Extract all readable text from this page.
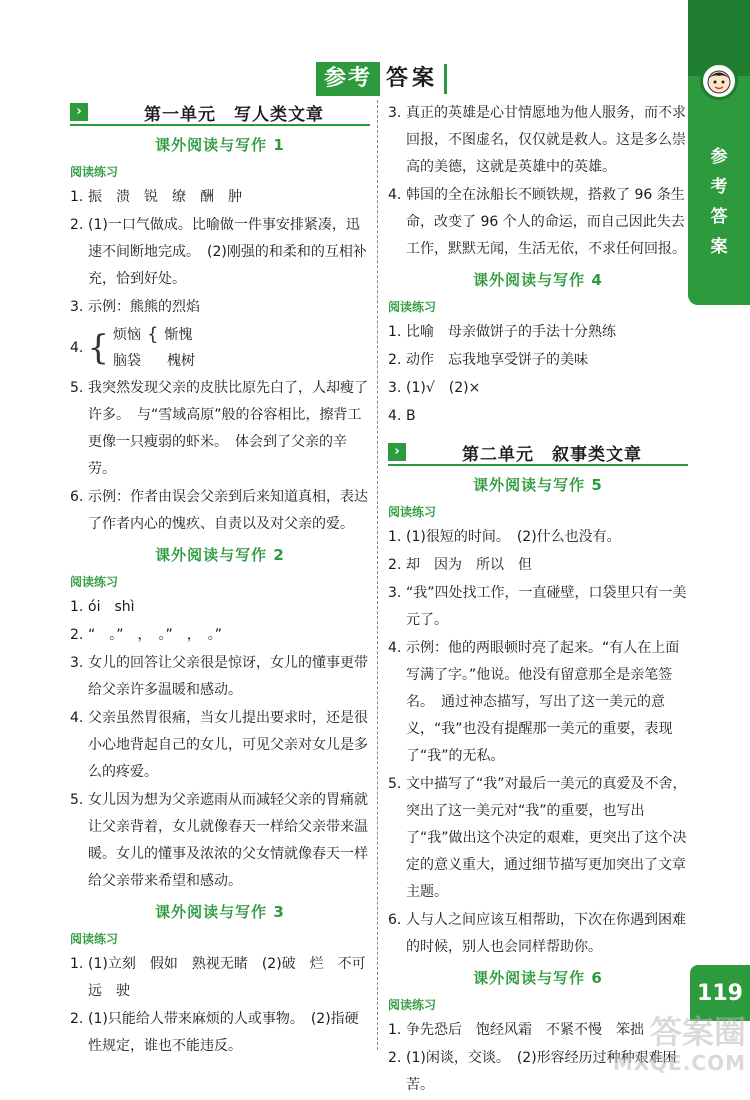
参考 答案
参考答案
›	第一单元　写人类文章
课外阅读与写作 1
阅读练习
1. 振　溃　锐　缭　酬　肿
2. (1)一口气做成。比喻做一件事安排紧凑，迅速不间断地完成。　(2)刚强的和柔和的互相补充，恰到好处。
3. 示例：熊熊的烈焰
4. { 烦恼 { 惭愧
脑袋 槐树
5. 我突然发现父亲的皮肤比原先白了，人却瘦了许多。　与“雪域高原”般的谷容相比，擦背工更像一只瘦弱的虾米。　体会到了父亲的辛劳。
6. 示例：作者由误会父亲到后来知道真相，表达了作者内心的愧疚、自责以及对父亲的爱。
课外阅读与写作 2
阅读练习
1. ói　shì
2. “　。”　，　。”　，　。”
3. 女儿的回答让父亲很是惊讶，女儿的懂事更带给父亲许多温暖和感动。
4. 父亲虽然胃很痛，当女儿提出要求时，还是很小心地背起自己的女儿，可见父亲对女儿是多么的疼爱。
5. 女儿因为想为父亲遮雨从而减轻父亲的胃痛就让父亲背着，女儿就像春天一样给父亲带来温暖。女儿的懂事及浓浓的父女情就像春天一样给父亲带来希望和感动。
课外阅读与写作 3
阅读练习
1. (1)立刻　假如　熟视无睹　(2)破　烂　不可　远　驶
2. (1)只能给人带来麻烦的人或事物。　(2)指硬性规定，谁也不能违反。
3. 真正的英雄是心甘情愿地为他人服务，而不求回报，不图虚名，仅仅就是救人。这是多么崇高的美德，这就是英雄中的英雄。
4. 韩国的全在泳船长不顾铁规，搭救了 96 条生命，改变了 96 个人的命运，而自己因此失去工作，默默无闻，生活无依，不求任何回报。
课外阅读与写作 4
阅读练习
1. 比喻　母亲做饼子的手法十分熟练
2. 动作　忘我地享受饼子的美味
3. (1)√　(2)×
4. B
›	第二单元　叙事类文章
课外阅读与写作 5
阅读练习
1. (1)很短的时间。　(2)什么也没有。
2. 却　因为　所以　但
3. “我”四处找工作，一直碰壁，口袋里只有一美元了。
4. 示例：他的两眼顿时亮了起来。“有人在上面写满了字。”他说。他没有留意那全是亲笔签名。　通过神态描写，写出了这一美元的意义，“我”也没有提醒那一美元的重要，表现了“我”的无私。
5. 文中描写了“我”对最后一美元的真爱及不舍，突出了这一美元对“我”的重要，也写出了“我”做出这个决定的艰难，更突出了这个决定的意义重大，通过细节描写更加突出了文章主题。
6. 人与人之间应该互相帮助，下次在你遇到困难的时候，别人也会同样帮助你。
课外阅读与写作 6
阅读练习
1. 争先恐后　饱经风霜　不紧不慢　笨拙
2. (1)闲谈，交谈。　(2)形容经历过种种艰难困苦。
119
答案圈
MXQE.COM
